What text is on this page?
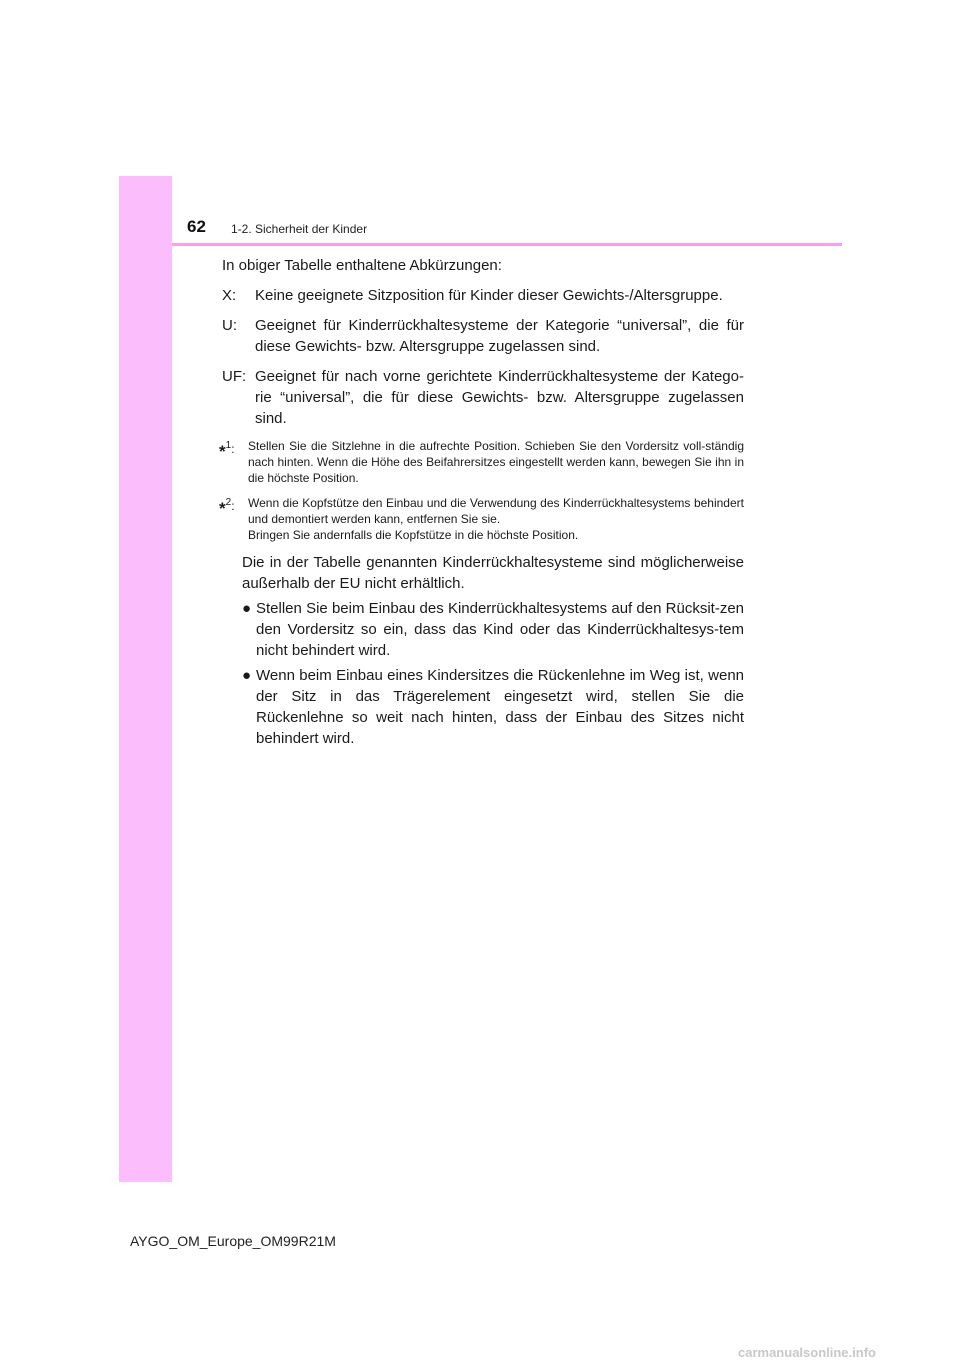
62 1-2. Sicherheit der Kinder

In obiger Tabelle enthaltene Abkürzungen:

X:	Keine geeignete Sitzposition für Kinder dieser Gewichts-/Altersgruppe.
U:	Geeignet für Kinderrückhaltesysteme der Kategorie “universal”, die für diese Gewichts- bzw. Altersgruppe zugelassen sind.
UF: Geeignet für nach vorne gerichtete Kinderrückhaltesysteme der Katego-rie “universal”, die für diese Gewichts- bzw. Altersgruppe zugelassen sind.
*$^1$:	Stellen Sie die Sitzlehne in die aufrechte Position. Schieben Sie den Vordersitz voll-ständig nach hinten. Wenn die Höhe des Beifahrersitzes eingestellt werden kann, bewegen Sie ihn in die höchste Position.
*$^2$:	Wenn die Kopfstütze den Einbau und die Verwendung des Kinderrückhaltesystems behindert und demontiert werden kann, entfernen Sie sie.
Bringen Sie andernfalls die Kopfstütze in die höchste Position.

Die in der Tabelle genannten Kinderrückhaltesysteme sind möglicherweise außerhalb der EU nicht erhältlich.

● Stellen Sie beim Einbau des Kinderrückhaltesystems auf den Rücksit-zen den Vordersitz so ein, dass das Kind oder das Kinderrückhaltesys-tem nicht behindert wird.
● Wenn beim Einbau eines Kindersitzes die Rückenlehne im Weg ist, wenn der Sitz in das Trägerelement eingesetzt wird, stellen Sie die Rückenlehne so weit nach hinten, dass der Einbau des Sitzes nicht behindert wird.
AYGO_OM_Europe_OM99R21M
carmanualsonline.info
